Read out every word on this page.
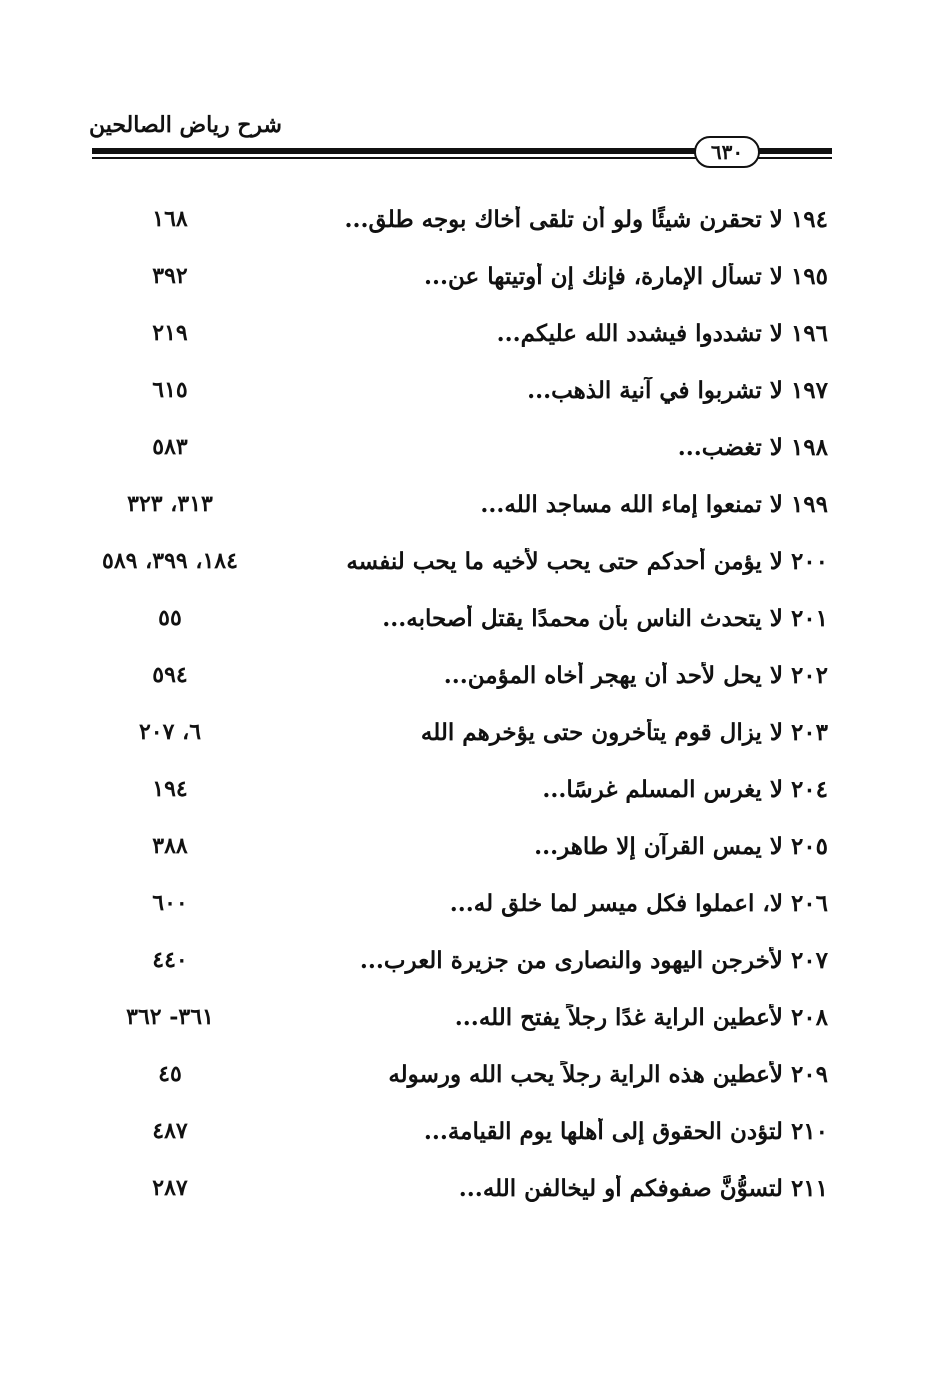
شرح رياض الصالحين
٦٣٠
١٩٤لا تحقرن شيئًا ولو أن تلقى أخاك بوجه طلق...
١٦٨
١٩٥لا تسأل الإمارة، فإنك إن أوتيتها عن...
٣٩٢
١٩٦لا تشددوا فيشدد الله عليكم...
٢١٩
١٩٧لا تشربوا في آنية الذهب...
٦١٥
١٩٨لا تغضب...
٥٨٣
١٩٩لا تمنعوا إماء الله مساجد الله...
٣١٣، ٣٢٣
٢٠٠لا يؤمن أحدكم حتى يحب لأخيه ما يحب لنفسه
١٨٤، ٣٩٩، ٥٨٩
٢٠١لا يتحدث الناس بأن محمدًا يقتل أصحابه...
٥٥
٢٠٢لا يحل لأحد أن يهجر أخاه المؤمن...
٥٩٤
٢٠٣لا يزال قوم يتأخرون حتى يؤخرهم الله
٦، ٢٠٧
٢٠٤لا يغرس المسلم غرسًا...
١٩٤
٢٠٥لا يمس القرآن إلا طاهر...
٣٨٨
٢٠٦لا، اعملوا فكل ميسر لما خلق له...
٦٠٠
٢٠٧لأخرجن اليهود والنصارى من جزيرة العرب...
٤٤٠
٢٠٨لأعطين الراية غدًا رجلاً يفتح الله...
٣٦١- ٣٦٢
٢٠٩لأعطين هذه الراية رجلاً يحب الله ورسوله
٤٥
٢١٠لتؤدن الحقوق إلى أهلها يوم القيامة...
٤٨٧
٢١١لتسوُّنَّ صفوفكم أو ليخالفن الله...
٢٨٧
